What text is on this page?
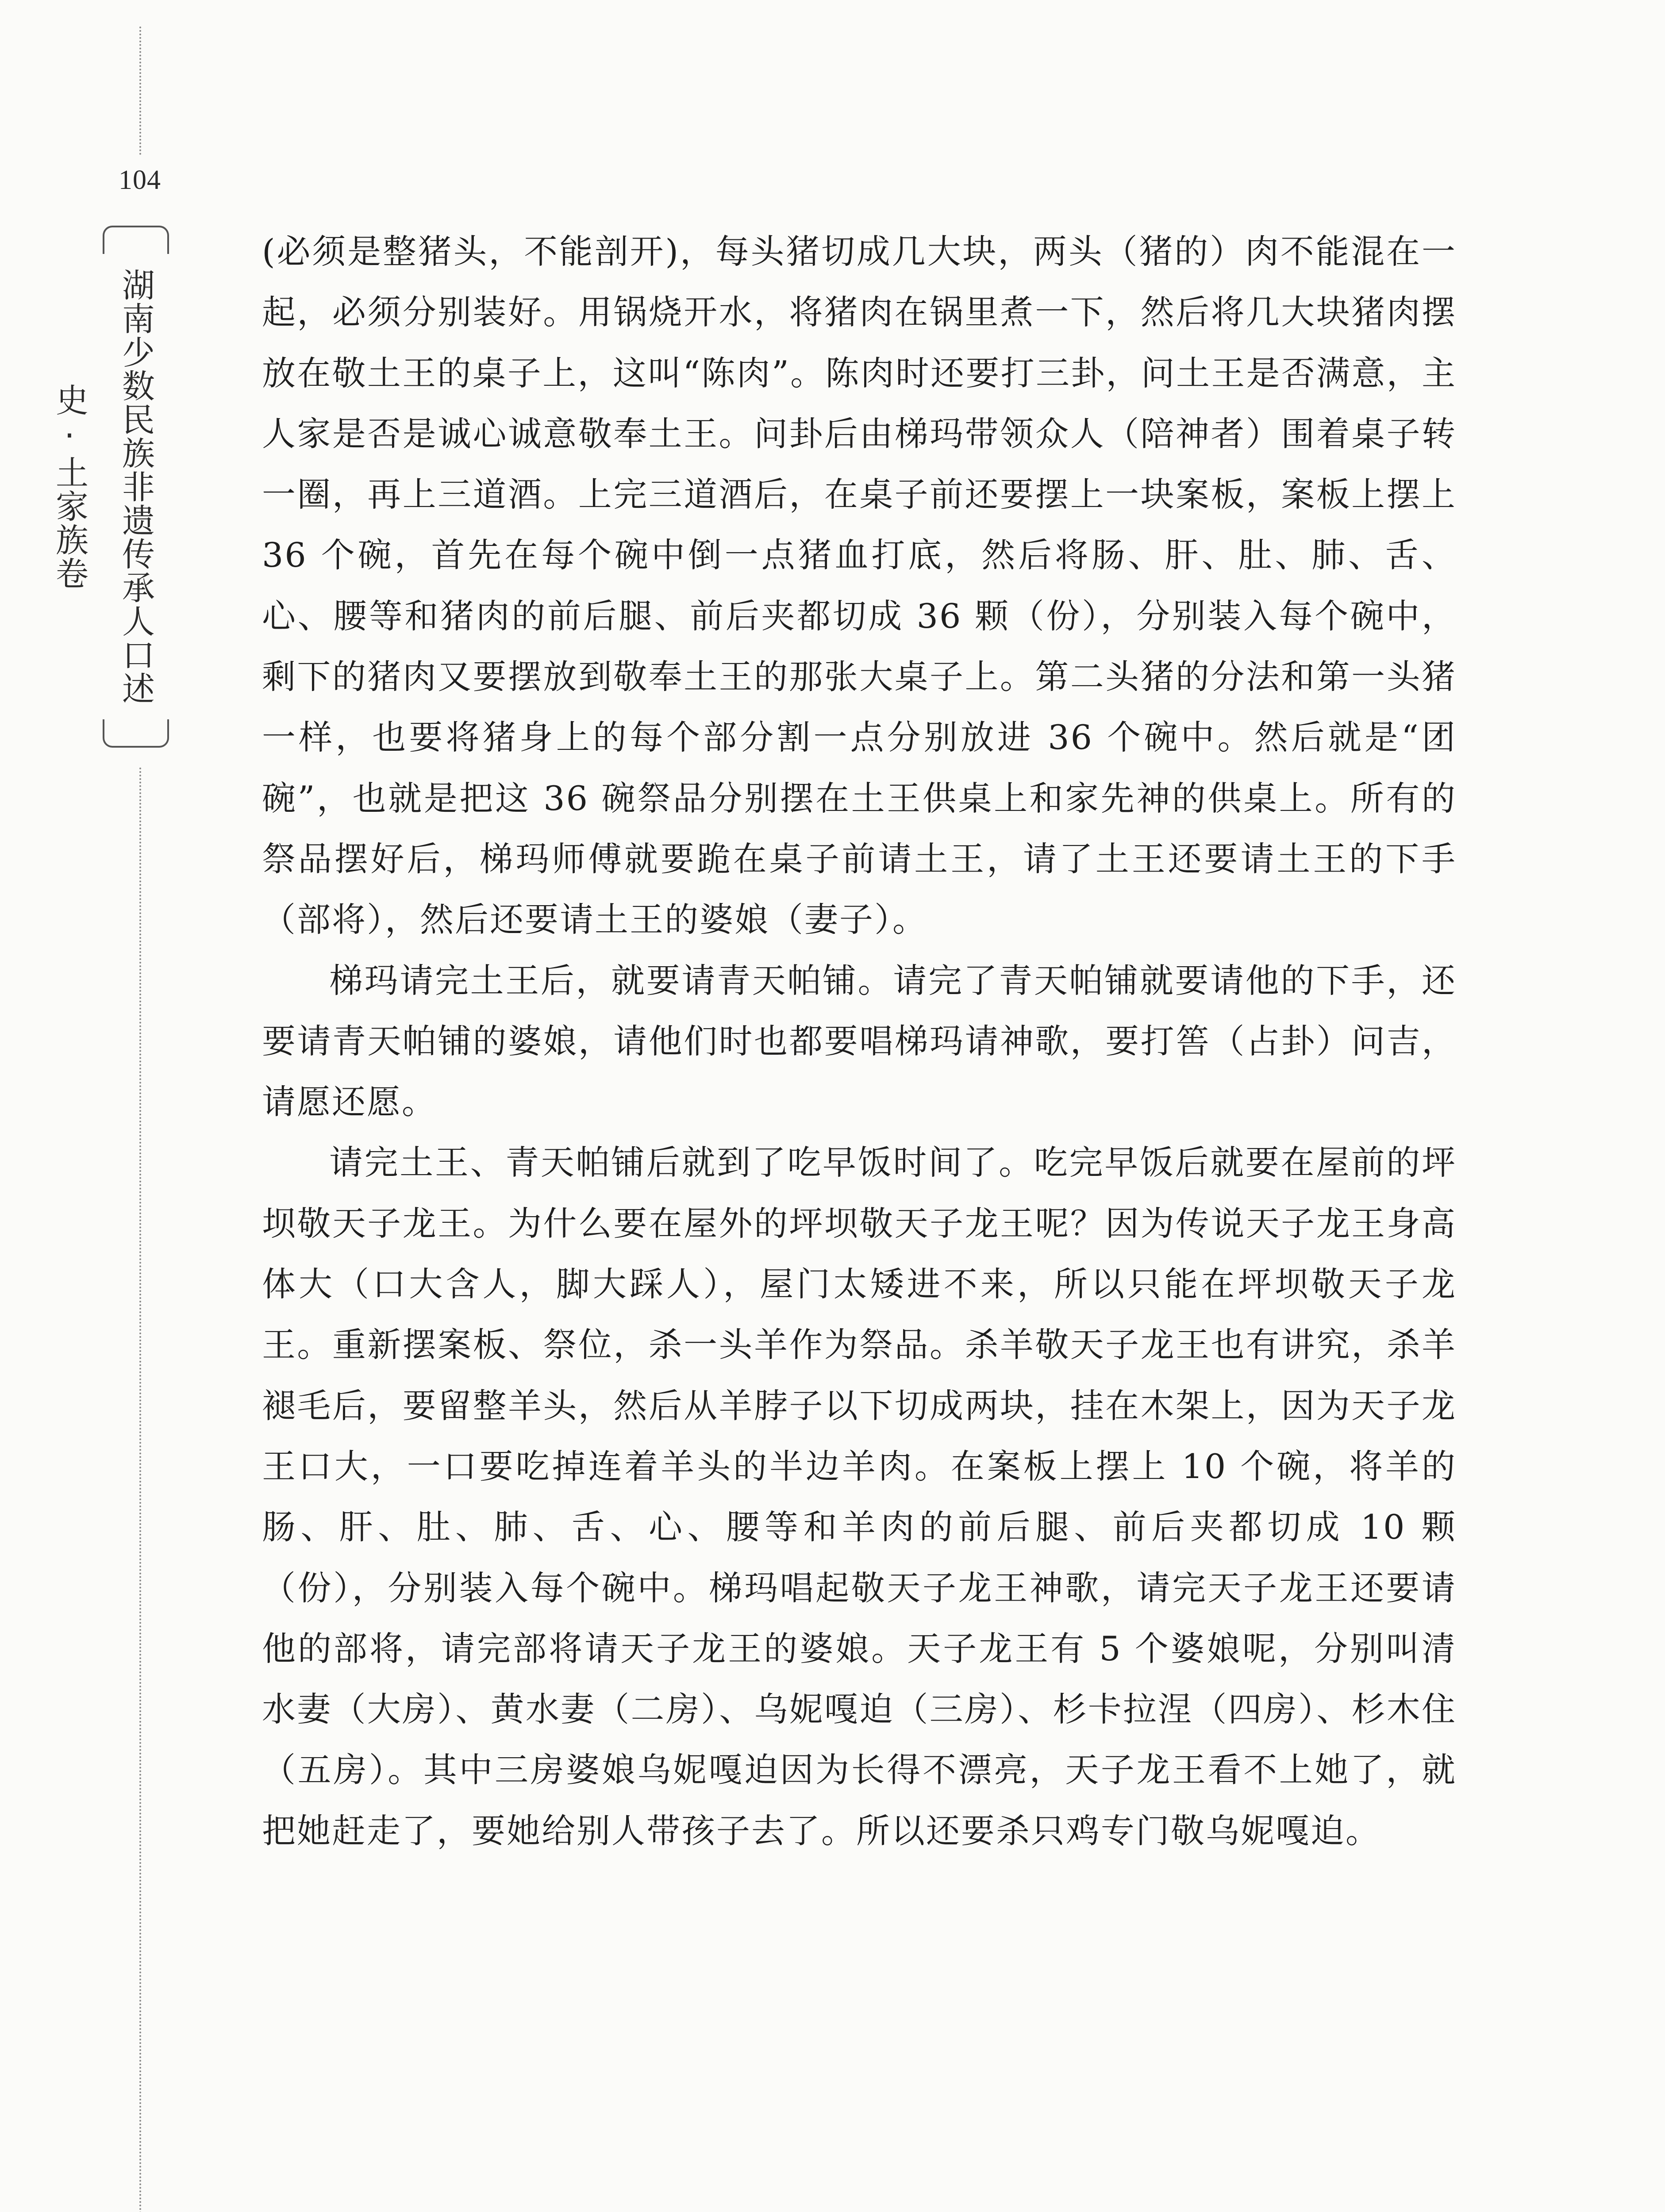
104
湖南少数民族非遗传承人口述史·土家族卷

(必须是整猪头，不能剖开)，每头猪切成几大块，两头（猪的）肉不能混在一起，必须分别装好。用锅烧开水，将猪肉在锅里煮一下，然后将几大块猪肉摆放在敬土王的桌子上，这叫“陈肉”。陈肉时还要打三卦，问土王是否满意，主人家是否是诚心诚意敬奉土王。问卦后由梯玛带领众人（陪神者）围着桌子转一圈，再上三道酒。上完三道酒后，在桌子前还要摆上一块案板，案板上摆上 36 个碗，首先在每个碗中倒一点猪血打底，然后将肠、肝、肚、肺、舌、心、腰等和猪肉的前后腿、前后夹都切成 36 颗（份），分别装入每个碗中，剩下的猪肉又要摆放到敬奉土王的那张大桌子上。第二头猪的分法和第一头猪一样，也要将猪身上的每个部分割一点分别放进 36 个碗中。然后就是“团碗”，也就是把这 36 碗祭品分别摆在土王供桌上和家先神的供桌上。所有的祭品摆好后，梯玛师傅就要跪在桌子前请土王，请了土王还要请土王的下手（部将），然后还要请土王的婆娘（妻子）。

梯玛请完土王后，就要请青天帕铺。请完了青天帕铺就要请他的下手，还要请青天帕铺的婆娘，请他们时也都要唱梯玛请神歌，要打筶（占卦）问吉，请愿还愿。

请完土王、青天帕铺后就到了吃早饭时间了。吃完早饭后就要在屋前的坪坝敬天子龙王。为什么要在屋外的坪坝敬天子龙王呢？因为传说天子龙王身高体大（口大含人，脚大踩人），屋门太矮进不来，所以只能在坪坝敬天子龙王。重新摆案板、祭位，杀一头羊作为祭品。杀羊敬天子龙王也有讲究，杀羊褪毛后，要留整羊头，然后从羊脖子以下切成两块，挂在木架上，因为天子龙王口大，一口要吃掉连着羊头的半边羊肉。在案板上摆上 10 个碗，将羊的肠、肝、肚、肺、舌、心、腰等和羊肉的前后腿、前后夹都切成 10 颗（份），分别装入每个碗中。梯玛唱起敬天子龙王神歌，请完天子龙王还要请他的部将，请完部将请天子龙王的婆娘。天子龙王有 5 个婆娘呢，分别叫清水妻（大房）、黄水妻（二房）、乌妮嘎迫（三房）、杉卡拉涅（四房）、杉木住（五房）。其中三房婆娘乌妮嘎迫因为长得不漂亮，天子龙王看不上她了，就把她赶走了，要她给别人带孩子去了。所以还要杀只鸡专门敬乌妮嘎迫。
